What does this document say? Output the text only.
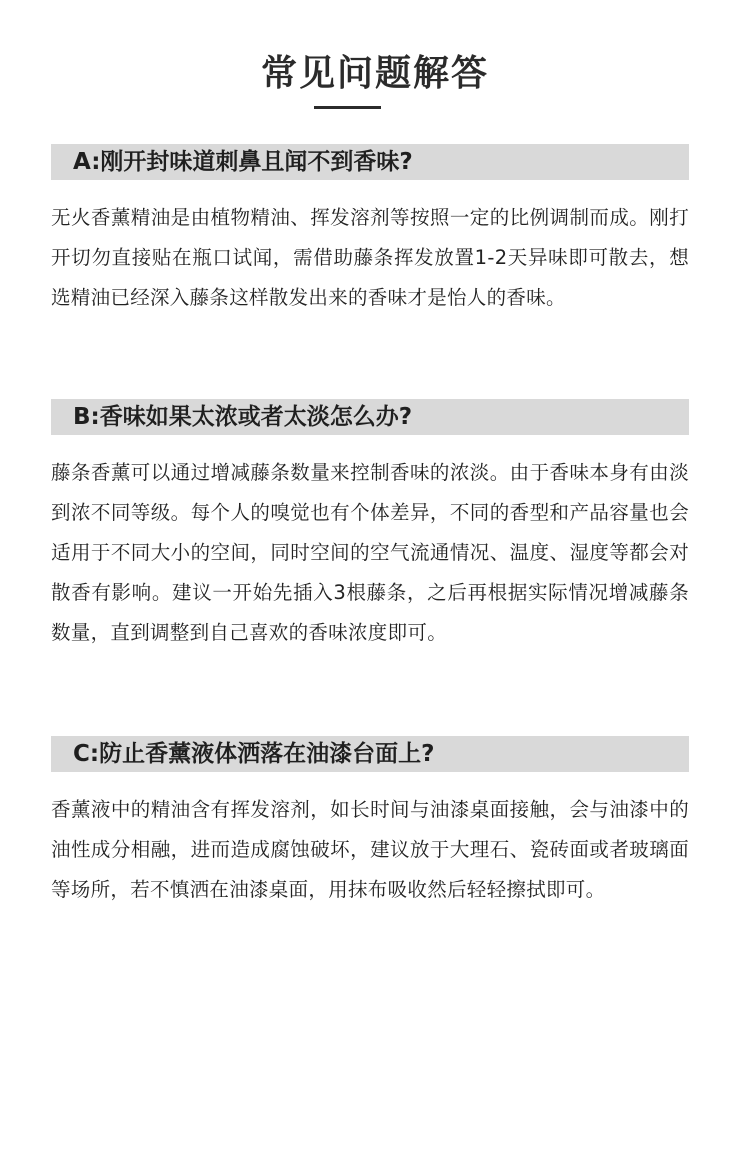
常见问题解答
A:刚开封味道刺鼻且闻不到香味?
无火香薰精油是由植物精油、挥发溶剂等按照一定的比例调制而成。刚打开切勿直接贴在瓶口试闻，需借助藤条挥发放置1-2天异味即可散去，想选精油已经深入藤条这样散发出来的香味才是怡人的香味。
B:香味如果太浓或者太淡怎么办?
藤条香薰可以通过增减藤条数量来控制香味的浓淡。由于香味本身有由淡到浓不同等级。每个人的嗅觉也有个体差异，不同的香型和产品容量也会适用于不同大小的空间，同时空间的空气流通情况、温度、湿度等都会对散香有影响。建议一开始先插入3根藤条，之后再根据实际情况增减藤条数量，直到调整到自己喜欢的香味浓度即可。
C:防止香薰液体洒落在油漆台面上?
香薰液中的精油含有挥发溶剂，如长时间与油漆桌面接触，会与油漆中的油性成分相融，进而造成腐蚀破坏，建议放于大理石、瓷砖面或者玻璃面等场所，若不慎洒在油漆桌面，用抹布吸收然后轻轻擦拭即可。
